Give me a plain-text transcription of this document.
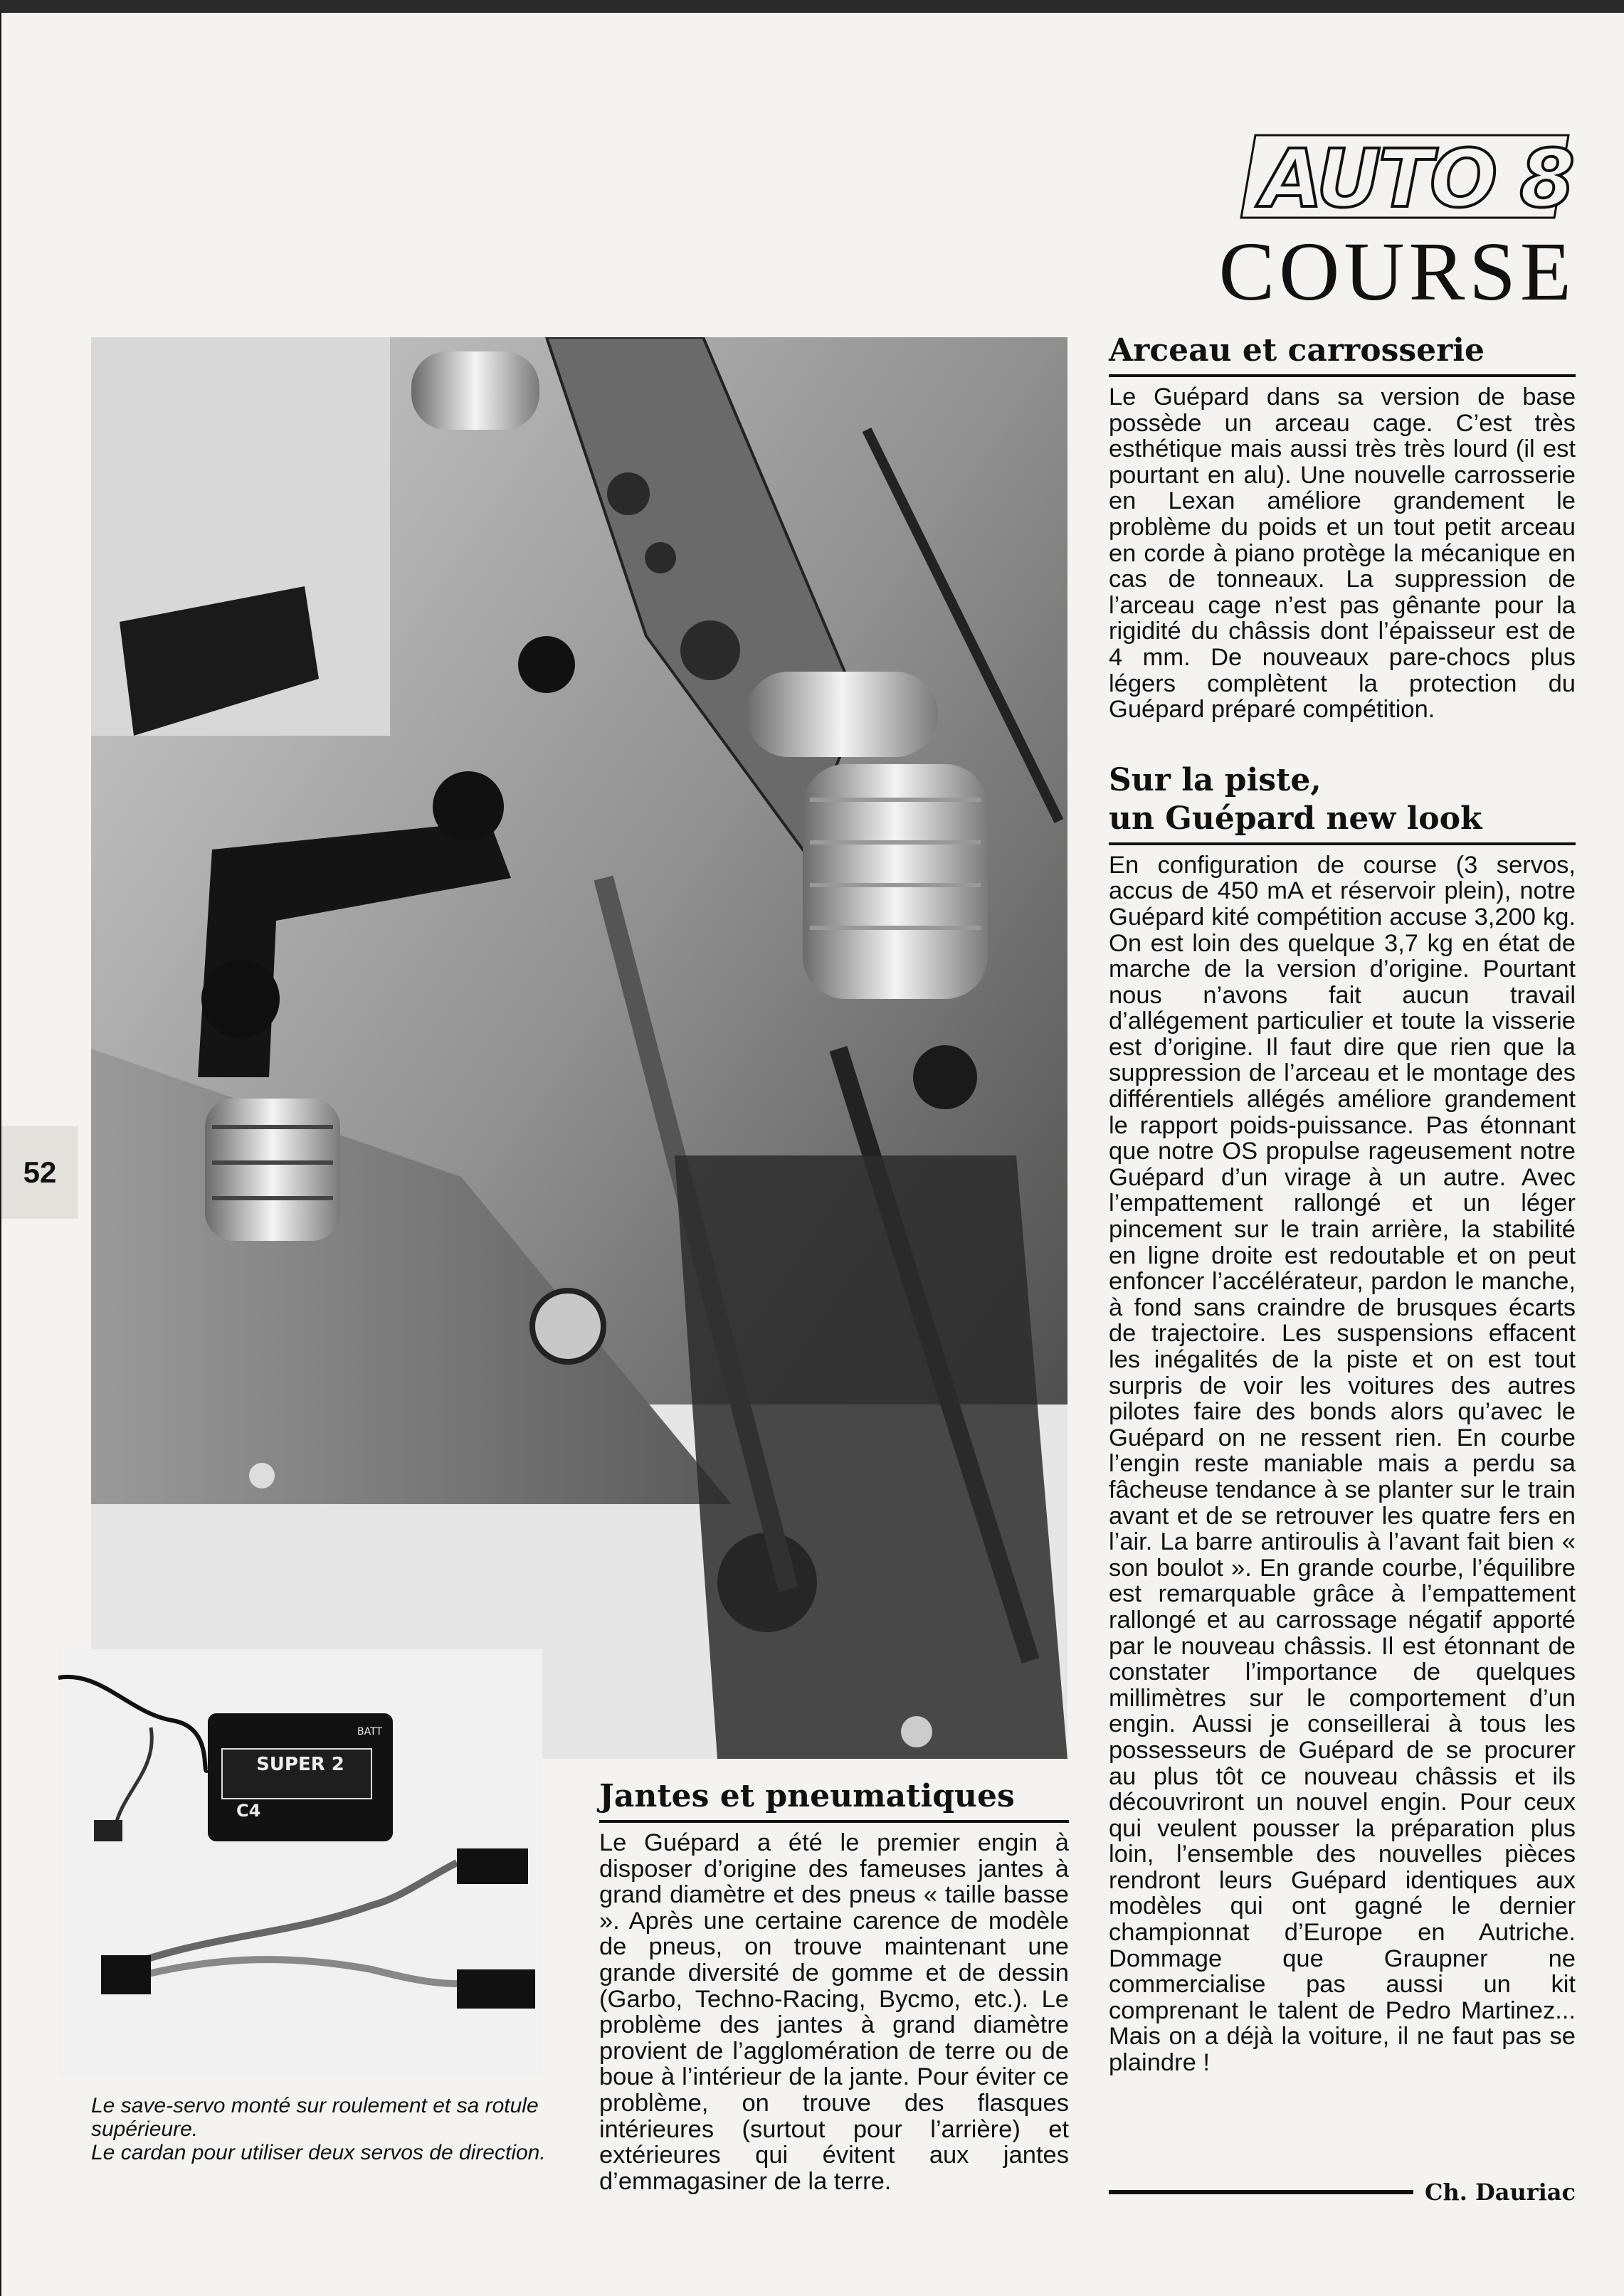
AUTO 8
COURSE
SUPER 2
C4
BATT
52
Arceau et carrosserie

Le Guépard dans sa version de base possède un arceau cage. C’est très esthétique mais aussi très très lourd (il est pourtant en alu). Une nouvelle carrosserie en Lexan améliore grandement le problème du poids et un tout petit arceau en corde à piano protège la mécanique en cas de tonneaux. La suppression de l’arceau cage n’est pas gênante pour la rigidité du châssis dont l’épaisseur est de 4 mm. De nouveaux pare-chocs plus légers complètent la protection du Guépard préparé compétition.

Sur la piste,
un Guépard new look

En configuration de course (3 servos, accus de 450 mA et réservoir plein), notre Guépard kité compétition accuse 3,200 kg. On est loin des quelque 3,7 kg en état de marche de la version d’origine. Pourtant nous n’avons fait aucun travail d’allégement particulier et toute la visserie est d’origine. Il faut dire que rien que la suppression de l’arceau et le montage des différentiels allégés améliore grandement le rapport poids-puissance. Pas étonnant que notre OS propulse rageusement notre Guépard d’un virage à un autre. Avec l’empattement rallongé et un léger pincement sur le train arrière, la stabilité en ligne droite est redoutable et on peut enfoncer l’accélérateur, pardon le manche, à fond sans craindre de brusques écarts de trajectoire. Les suspensions effacent les inégalités de la piste et on est tout surpris de voir les voitures des autres pilotes faire des bonds alors qu’avec le Guépard on ne ressent rien. En courbe l’engin reste maniable mais a perdu sa fâcheuse tendance à se planter sur le train avant et de se retrouver les quatre fers en l’air. La barre antiroulis à l’avant fait bien « son boulot ». En grande courbe, l’équilibre est remarquable grâce à l’empattement rallongé et au carrossage négatif apporté par le nouveau châssis. Il est étonnant de constater l’importance de quelques millimètres sur le comportement d’un engin. Aussi je conseillerai à tous les possesseurs de Guépard de se procurer au plus tôt ce nouveau châssis et ils découvriront un nouvel engin. Pour ceux qui veulent pousser la préparation plus loin, l’ensemble des nouvelles pièces rendront leurs Guépard identiques aux modèles qui ont gagné le dernier championnat d’Europe en Autriche. Dommage que Graupner ne commercialise pas aussi un kit comprenant le talent de Pedro Martinez... Mais on a déjà la voiture, il ne faut pas se plaindre !

Jantes et pneumatiques

Le Guépard a été le premier engin à disposer d’origine des fameuses jantes à grand diamètre et des pneus « taille basse ». Après une certaine carence de modèle de pneus, on trouve maintenant une grande diversité de gomme et de dessin (Garbo, Techno-Racing, Bycmo, etc.). Le problème des jantes à grand diamètre provient de l’agglomération de terre ou de boue à l’intérieur de la jante. Pour éviter ce problème, on trouve des flasques intérieures (surtout pour l’arrière) et extérieures qui évitent aux jantes d’emmagasiner de la terre.

Le save-servo monté sur roulement et sa rotule supérieure.
Le cardan pour utiliser deux servos de direction.
Ch. Dauriac
